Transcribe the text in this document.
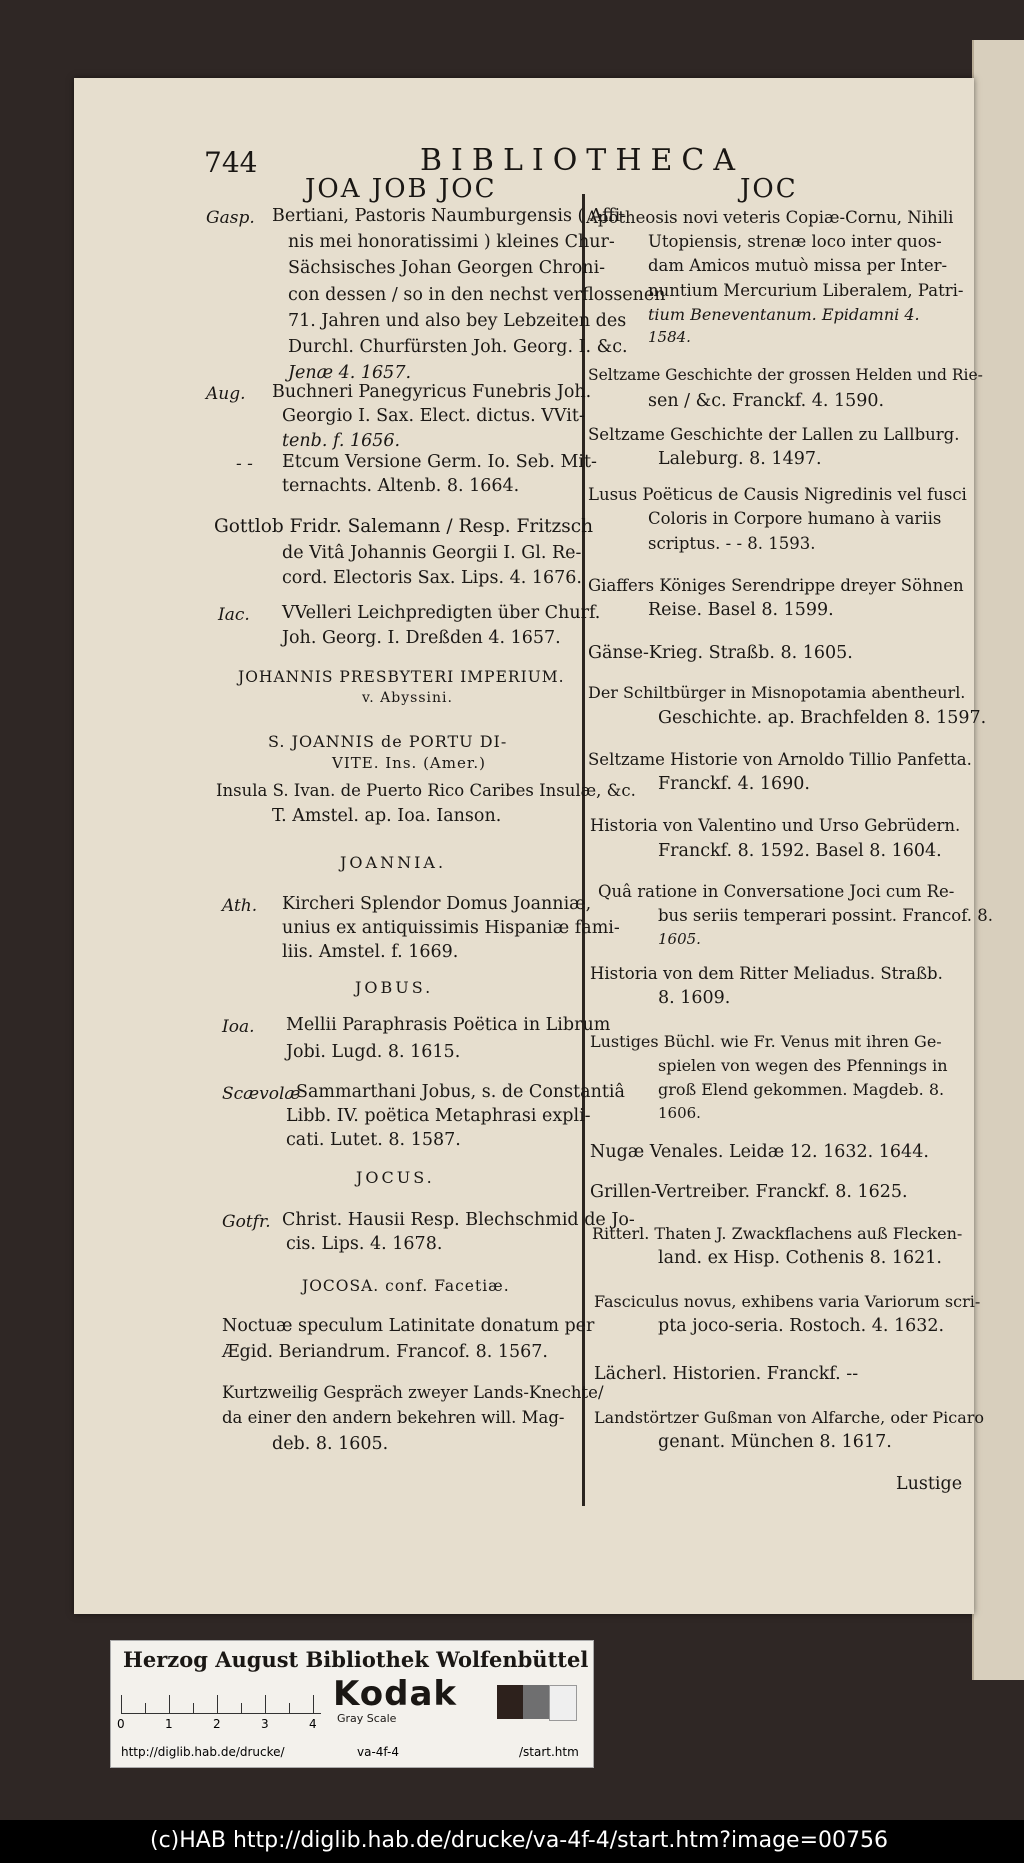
744	BIBLIOTHECA
JOA JOB JOC	JOC
Gasp. Bertiani, Pastoris Naumburgensis ( Affi-
nis mei honoratissimi ) kleines Chur-
Sächsisches Johan Georgen Chroni-
con dessen / so in den nechst verflossenen
71. Jahren und also bey Lebzeiten des
Durchl. Churfürsten Joh. Georg. I. &c.
Jenæ 4. 1657.
Aug. Buchneri Panegyricus Funebris Joh.
Georgio I. Sax. Elect. dictus. VVit-
tenb. f. 1656.
- - Etcum Versione Germ. Io. Seb. Mit-
ternachts. Altenb. 8. 1664.
Gottlob Fridr. Salemann / Resp. Fritzsch
de Vitâ Johannis Georgii I. Gl. Re-
cord. Electoris Sax. Lips. 4. 1676.
Iac. VVelleri Leichpredigten über Churf.
Joh. Georg. I. Dreßden 4. 1657.
JOHANNIS PRESBYTERI IMPERIUM.
v. Abyssini.
S. JOANNIS de PORTU DI-
VITE. Ins. (Amer.)
Insula S. Ivan. de Puerto Rico Caribes Insulæ, &c.
T. Amstel. ap. Ioa. Ianson.
JOANNIA.
Ath. Kircheri Splendor Domus Joanniæ,
unius ex antiquissimis Hispaniæ fami-
liis. Amstel. f. 1669.
JOBUS.
Ioa. Mellii Paraphrasis Poëtica in Librum
Jobi. Lugd. 8. 1615.
Scævolæ
Sammarthani Jobus, s. de Constantiâ
Libb. IV. poëtica Metaphrasi expli-
cati. Lutet. 8. 1587.
JOCUS.
Gotfr. Christ. Hausii Resp. Blechschmid de Jo-
cis. Lips. 4. 1678.
JOCOSA. conf. Facetiæ.
Noctuæ speculum Latinitate donatum per
Ægid. Beriandrum. Francof. 8. 1567.
Kurtzweilig Gespräch zweyer Lands-Knechte/
da einer den andern bekehren will. Mag-
deb. 8. 1605.
Apotheosis novi veteris Copiæ-Cornu, Nihili
Utopiensis, strenæ loco inter quos-
dam Amicos mutuò missa per Inter-
nuntium Mercurium Liberalem, Patri-
tium Beneventanum. Epidamni 4.
1584.
Seltzame Geschichte der grossen Helden und Rie-
sen / &c. Franckf. 4. 1590.
Seltzame Geschichte der Lallen zu Lallburg.
Laleburg. 8. 1497.
Lusus Poëticus de Causis Nigredinis vel fusci
Coloris in Corpore humano à variis
scriptus. - - 8. 1593.
Giaffers Königes Serendrippe dreyer Söhnen
Reise. Basel 8. 1599.
Gänse-Krieg. Straßb. 8. 1605.
Der Schiltbürger in Misnopotamia abentheurl.
Geschichte. ap. Brachfelden 8. 1597.
Seltzame Historie von Arnoldo Tillio Panfetta.
Franckf. 4. 1690.
Historia von Valentino und Urso Gebrüdern.
Franckf. 8. 1592. Basel 8. 1604.
Quâ ratione in Conversatione Joci cum Re-
bus seriis temperari possint. Francof. 8.
1605.
Historia von dem Ritter Meliadus. Straßb.
8. 1609.
Lustiges Büchl. wie Fr. Venus mit ihren Ge-
spielen von wegen des Pfennings in
groß Elend gekommen. Magdeb. 8.
1606.
Nugæ Venales. Leidæ 12. 1632. 1644.
Grillen-Vertreiber. Franckf. 8. 1625.
Ritterl. Thaten J. Zwackflachens auß Flecken-
land. ex Hisp. Cothenis 8. 1621.
Fasciculus novus, exhibens varia Variorum scri-
pta joco-seria. Rostoch. 4. 1632.
Lächerl. Historien. Franckf. --
Landstörtzer Gußman von Alfarche, oder Picaro
genant. München 8. 1617.
Lustige
Herzog August Bibliothek Wolfenbüttel
Kodak
Gray Scale
0	1	2	3	4
http://diglib.hab.de/drucke/	va-4f-4	/start.htm
(c)HAB http://diglib.hab.de/drucke/va-4f-4/start.htm?image=00756
